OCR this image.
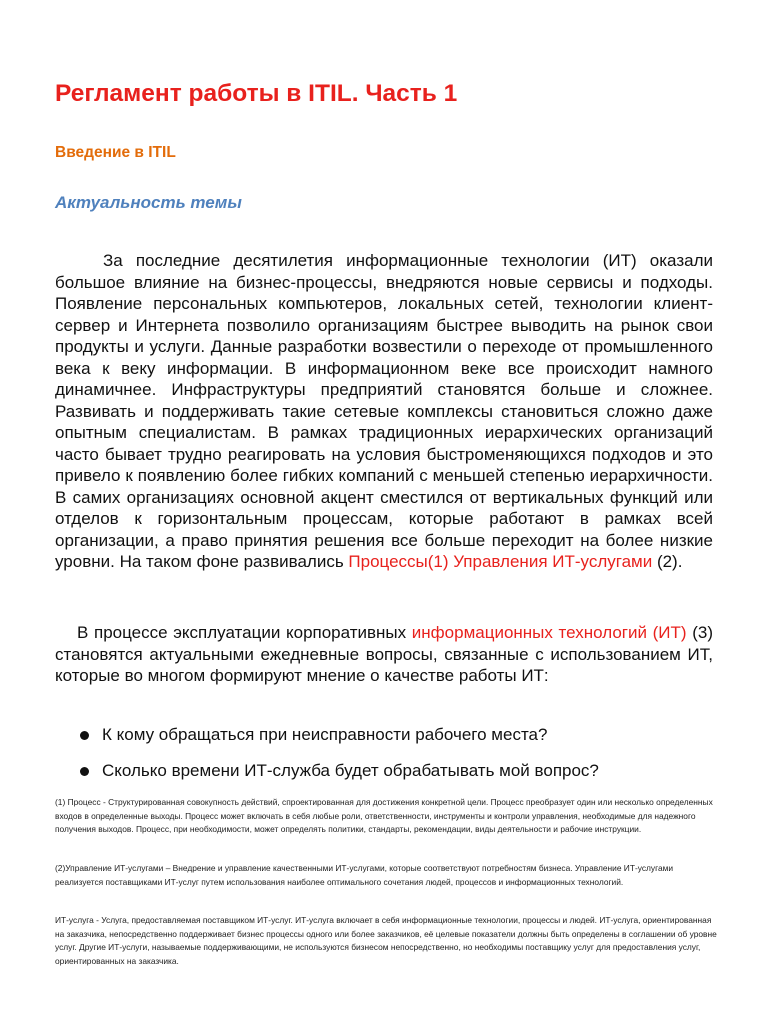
Регламент работы в ITIL. Часть 1
Введение в ITIL
Актуальность темы

За последние десятилетия информационные технологии (ИТ) оказали большое влияние на бизнес-процессы, внедряются новые сервисы и подходы. Появление персональных компьютеров, локальных сетей, технологии клиент-сервер и Интернета позволило организациям быстрее выводить на рынок свои продукты и услуги. Данные разработки возвестили о переходе от промышленного века к веку информации. В информационном веке все происходит намного динамичнее. Инфраструктуры предприятий становятся больше и сложнее. Развивать и поддерживать такие сетевые комплексы становиться сложно даже опытным специалистам. В рамках традиционных иерархических организаций часто бывает трудно реагировать на условия быстроменяющихся подходов и это привело к появлению более гибких компаний с меньшей степенью иерархичности. В самих организациях основной акцент сместился от вертикальных функций или отделов к горизонтальным процессам, которые работают в рамках всей организации, а право принятия решения все больше переходит на более низкие уровни. На таком фоне развивались Процессы(1) Управления ИТ-услугами (2).

В процессе эксплуатации корпоративных информационных технологий (ИТ) (3) становятся актуальными ежедневные вопросы, связанные с использованием ИТ, которые во многом формируют мнение о качестве работы ИТ:

К кому обращаться при неисправности рабочего места?
Сколько времени ИТ-служба будет обрабатывать мой вопрос?

(1) Процесс - Структурированная совокупность действий, спроектированная для достижения конкретной цели. Процесс преобразует один или несколько определенных входов в определенные выходы. Процесс может включать в себя любые роли, ответственности, инструменты и контроли управления, необходимые для надежного получения выходов. Процесс, при необходимости, может определять политики, стандарты, рекомендации, виды деятельности и рабочие инструкции.

(2)Управление ИТ-услугами – Внедрение и управление качественными ИТ-услугами, которые соответствуют потребностям бизнеса. Управление ИТ-услугами реализуется поставщиками ИТ-услуг путем использования наиболее оптимального сочетания людей, процессов и информационных технологий.

ИТ-услуга - Услуга, предоставляемая поставщиком ИТ-услуг. ИТ-услуга включает в себя информационные технологии, процессы и людей. ИТ-услуга, ориентированная на заказчика, непосредственно поддерживает бизнес процессы одного или более заказчиков, её целевые показатели должны быть определены в соглашении об уровне услуг. Другие ИТ-услуги, называемые поддерживающими, не используются бизнесом непосредственно, но необходимы поставщику услуг для предоставления услуг, ориентированных на заказчика.
